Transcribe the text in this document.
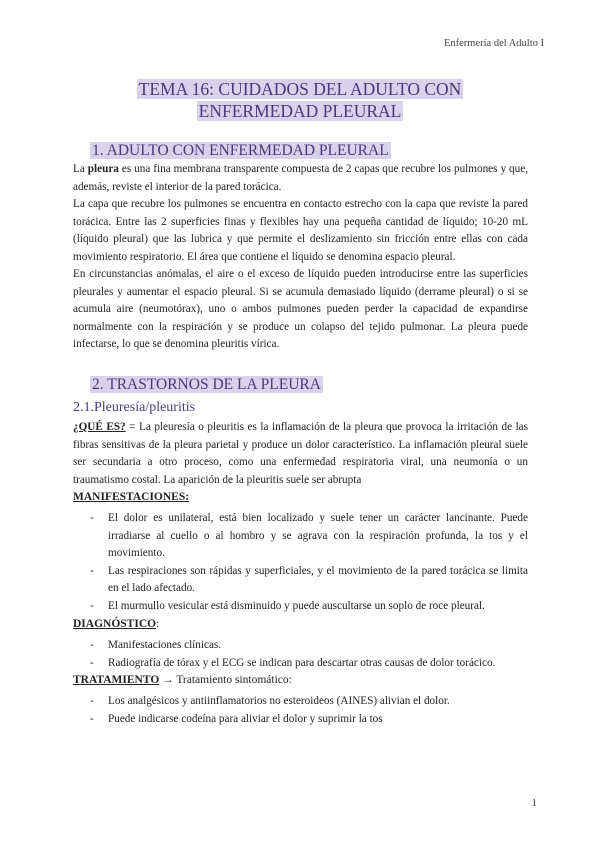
Enfermería del Adulto I
TEMA 16: CUIDADOS DEL ADULTO CON
ENFERMEDAD PLEURAL
1. ADULTO CON ENFERMEDAD PLEURAL

La pleura es una fina membrana transparente compuesta de 2 capas que recubre los pulmones y que, además, reviste el interior de la pared torácica.

La capa que recubre los pulmones se encuentra en contacto estrecho con la capa que reviste la pared torácica. Entre las 2 superficies finas y flexibles hay una pequeña cantidad de líquido; 10-20 mL (líquido pleural) que las lubrica y que permite el deslizamiento sin fricción entre ellas con cada movimiento respiratorio. El área que contiene el líquido se denomina espacio pleural.

En circunstancias anómalas, el aire o el exceso de líquido pueden introducirse entre las superficies pleurales y aumentar el espacio pleural. Si se acumula demasiado líquido (derrame pleural) o si se acumula aire (neumotórax), uno o ambos pulmones pueden perder la capacidad de expandirse normalmente con la respiración y se produce un colapso del tejido pulmonar. La pleura puede infectarse, lo que se denomina pleuritis vírica.

2. TRASTORNOS DE LA PLEURA
2.1.Pleuresía/pleuritis

¿QUÉ ES? = La pleuresía o pleuritis es la inflamación de la pleura que provoca la irritación de las fibras sensitivas de la pleura parietal y produce un dolor característico. La inflamación pleural suele ser secundaria a otro proceso, como una enfermedad respiratoria viral, una neumonía o un traumatismo costal. La aparición de la pleuritis suele ser abrupta

MANIFESTACIONES:
- El dolor es unilateral, está bien localizado y suele tener un carácter lancinante. Puede irradiarse al cuello o al hombro y se agrava con la respiración profunda, la tos y el movimiento.
- Las respiraciones son rápidas y superficiales, y el movimiento de la pared torácica se limita en el lado afectado.
- El murmullo vesicular está disminuido y puede auscultarse un soplo de roce pleural.
DIAGNÓSTICO:
- Manifestaciones clínicas.
- Radiografía de tórax y el ECG se indican para descartar otras causas de dolor torácico.
TRATAMIENTO → Tratamiento sintomático:
- Los analgésicos y antiinflamatorios no esteroideos (AINES) alivian el dolor.
- Puede indicarse codeína para aliviar el dolor y suprimir la tos
1
